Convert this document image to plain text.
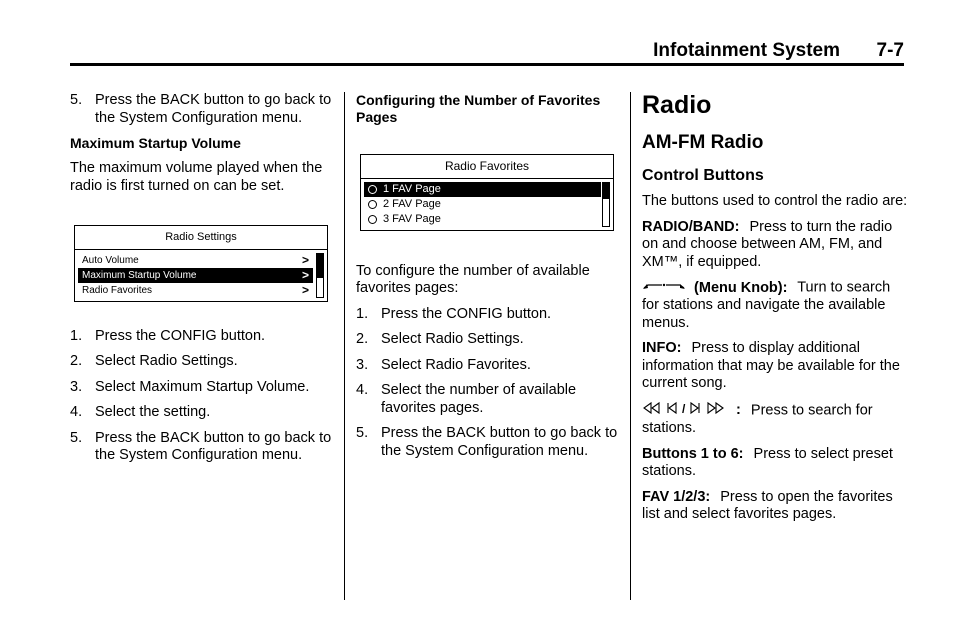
Infotainment System 7-7
5. Press the BACK button to go back to the System Configuration menu.

Maximum Startup Volume

The maximum volume played when the radio is first turned on can be set.

Radio Settings
Auto Volume	>
Maximum Startup Volume	>
Radio Favorites	>
1. Press the CONFIG button.
2. Select Radio Settings.
3. Select Maximum Startup Volume.
4. Select the setting.
5. Press the BACK button to go back to the System Configuration menu.

Configuring the Number of Favorites Pages

Radio Favorites
1 FAV Page
2 FAV Page
3 FAV Page

To configure the number of available favorites pages:

1. Press the CONFIG button.
2. Select Radio Settings.
3. Select Radio Favorites.
4. Select the number of available favorites pages.
5. Press the BACK button to go back to the System Configuration menu.
Radio
AM-FM Radio
Control Buttons

The buttons used to control the radio are:

RADIO/BAND: Press to turn the radio on and choose between AM, FM, and XM™, if equipped.

(Menu Knob): Turn to search for stations and navigate the available menus.

INFO: Press to display additional information that may be available for the current song.

/	: Press to search for stations.

Buttons 1 to 6: Press to select preset stations.

FAV 1/2/3: Press to open the favorites list and select favorites pages.
